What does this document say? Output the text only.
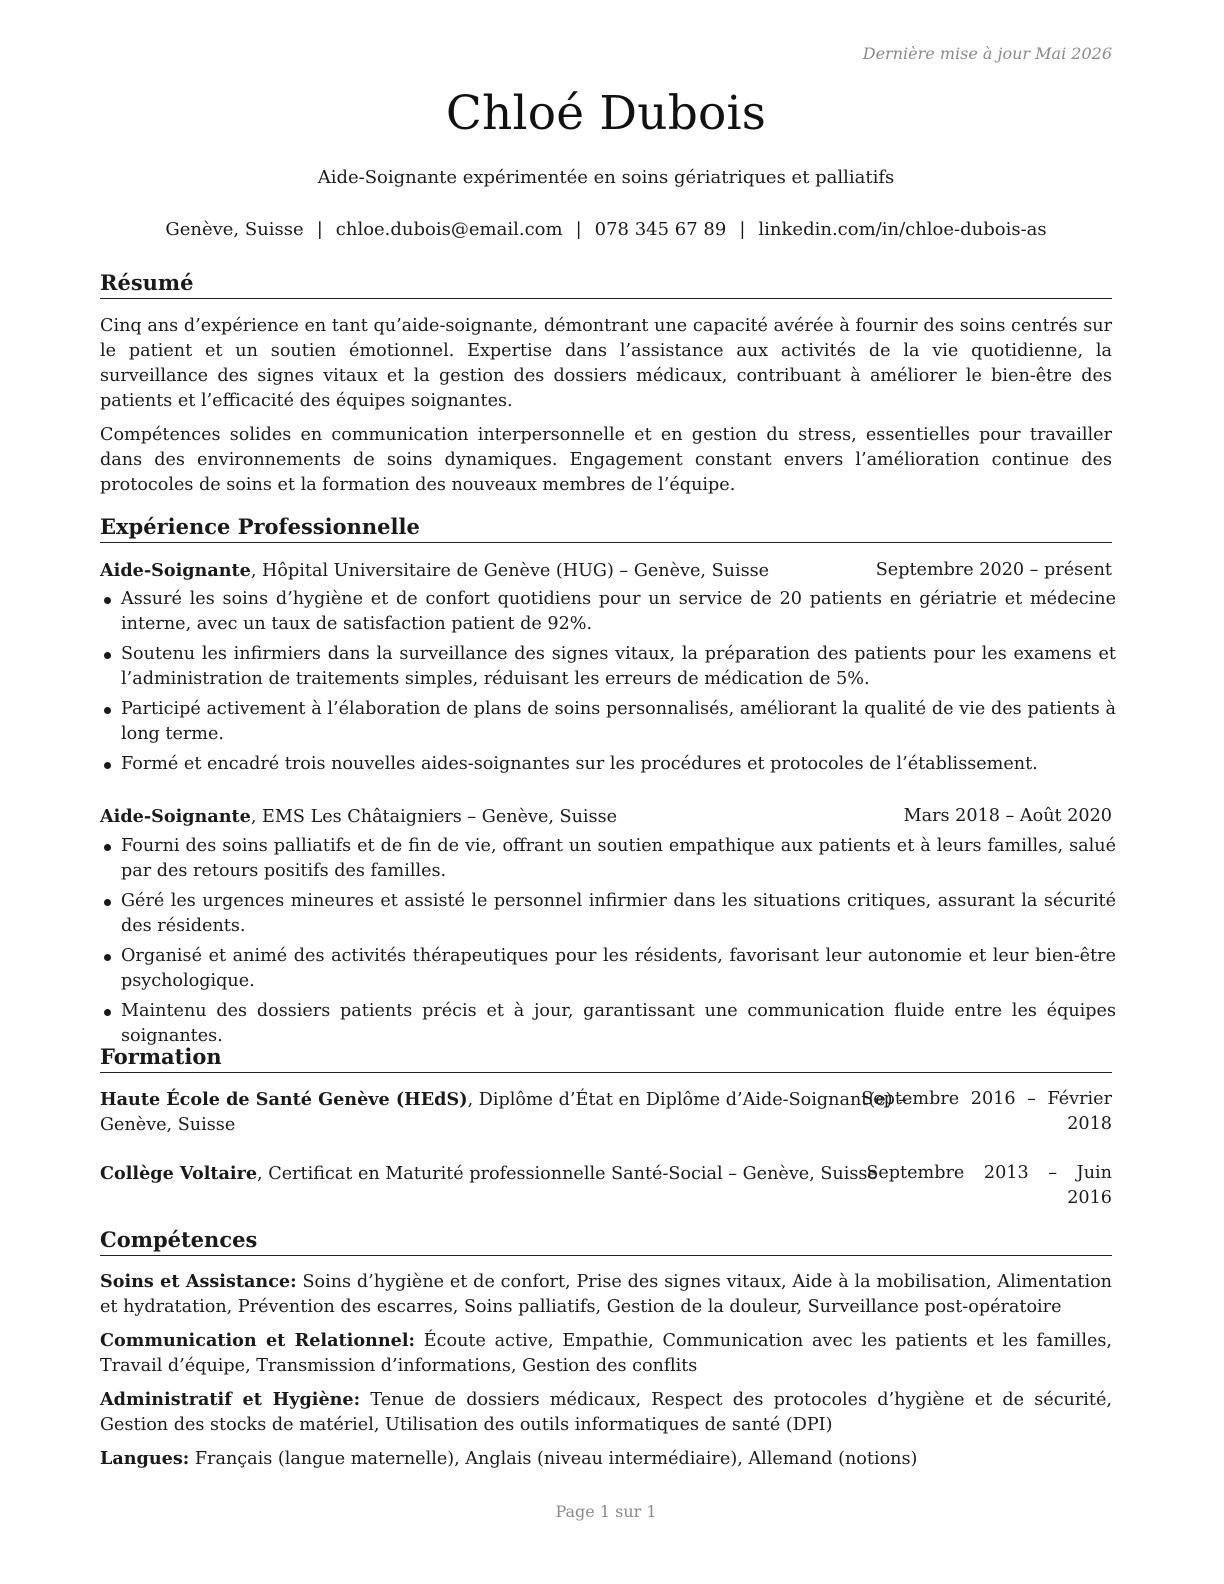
Dernière mise à jour Mai 2026
Chloé Dubois
Aide-Soignante expérimentée en soins gériatriques et palliatifs
Genève, Suisse | chloe.dubois@email.com | 078 345 67 89 | linkedin.com/in/chloe-dubois-as
Résumé

Cinq ans d’expérience en tant qu’aide-soignante, démontrant une capacité avérée à fournir des soins centrés sur le patient et un soutien émotionnel. Expertise dans l’assistance aux activités de la vie quotidienne, la surveillance des signes vitaux et la gestion des dossiers médicaux, contribuant à améliorer le bien-être des patients et l’efficacité des équipes soignantes.

Compétences solides en communication interpersonnelle et en gestion du stress, essentielles pour travailler dans des environnements de soins dynamiques. Engagement constant envers l’amélioration continue des protocoles de soins et la formation des nouveaux membres de l’équipe.

Expérience Professionnelle
Aide-Soignante, Hôpital Universitaire de Genève (HUG) – Genève, Suisse	Septembre 2020 – présent
Assuré les soins d’hygiène et de confort quotidiens pour un service de 20 patients en gériatrie et médecine interne, avec un taux de satisfaction patient de 92%.
Soutenu les infirmiers dans la surveillance des signes vitaux, la préparation des patients pour les examens et l’administration de traitements simples, réduisant les erreurs de médication de 5%.
Participé activement à l’élaboration de plans de soins personnalisés, améliorant la qualité de vie des patients à long terme.
Formé et encadré trois nouvelles aides-soignantes sur les procédures et protocoles de l’établissement.
Aide-Soignante, EMS Les Châtaigniers – Genève, Suisse	Mars 2018 – Août 2020
Fourni des soins palliatifs et de fin de vie, offrant un soutien empathique aux patients et à leurs familles, salué par des retours positifs des familles.
Géré les urgences mineures et assisté le personnel infirmier dans les situations critiques, assurant la sécurité des résidents.
Organisé et animé des activités thérapeutiques pour les résidents, favorisant leur autonomie et leur bien-être psychologique.
Maintenu des dossiers patients précis et à jour, garantissant une communication fluide entre les équipes soignantes.
Formation
Haute École de Santé Genève (HEdS), Diplôme d’État en Diplôme d’Aide-Soignant(e) –
Genève, Suisse
Septembre 2016 – Février
2018
Collège Voltaire, Certificat en Maturité professionnelle Santé-Social – Genève, Suisse
Septembre 2013 – Juin
2016
Compétences

Soins et Assistance: Soins d’hygiène et de confort, Prise des signes vitaux, Aide à la mobilisation, Alimentation et hydratation, Prévention des escarres, Soins palliatifs, Gestion de la douleur, Surveillance post-opératoire

Communication et Relationnel: Écoute active, Empathie, Communication avec les patients et les familles, Travail d’équipe, Transmission d’informations, Gestion des conflits

Administratif et Hygiène: Tenue de dossiers médicaux, Respect des protocoles d’hygiène et de sécurité, Gestion des stocks de matériel, Utilisation des outils informatiques de santé (DPI)

Langues: Français (langue maternelle), Anglais (niveau intermédiaire), Allemand (notions)

Page 1 sur 1
